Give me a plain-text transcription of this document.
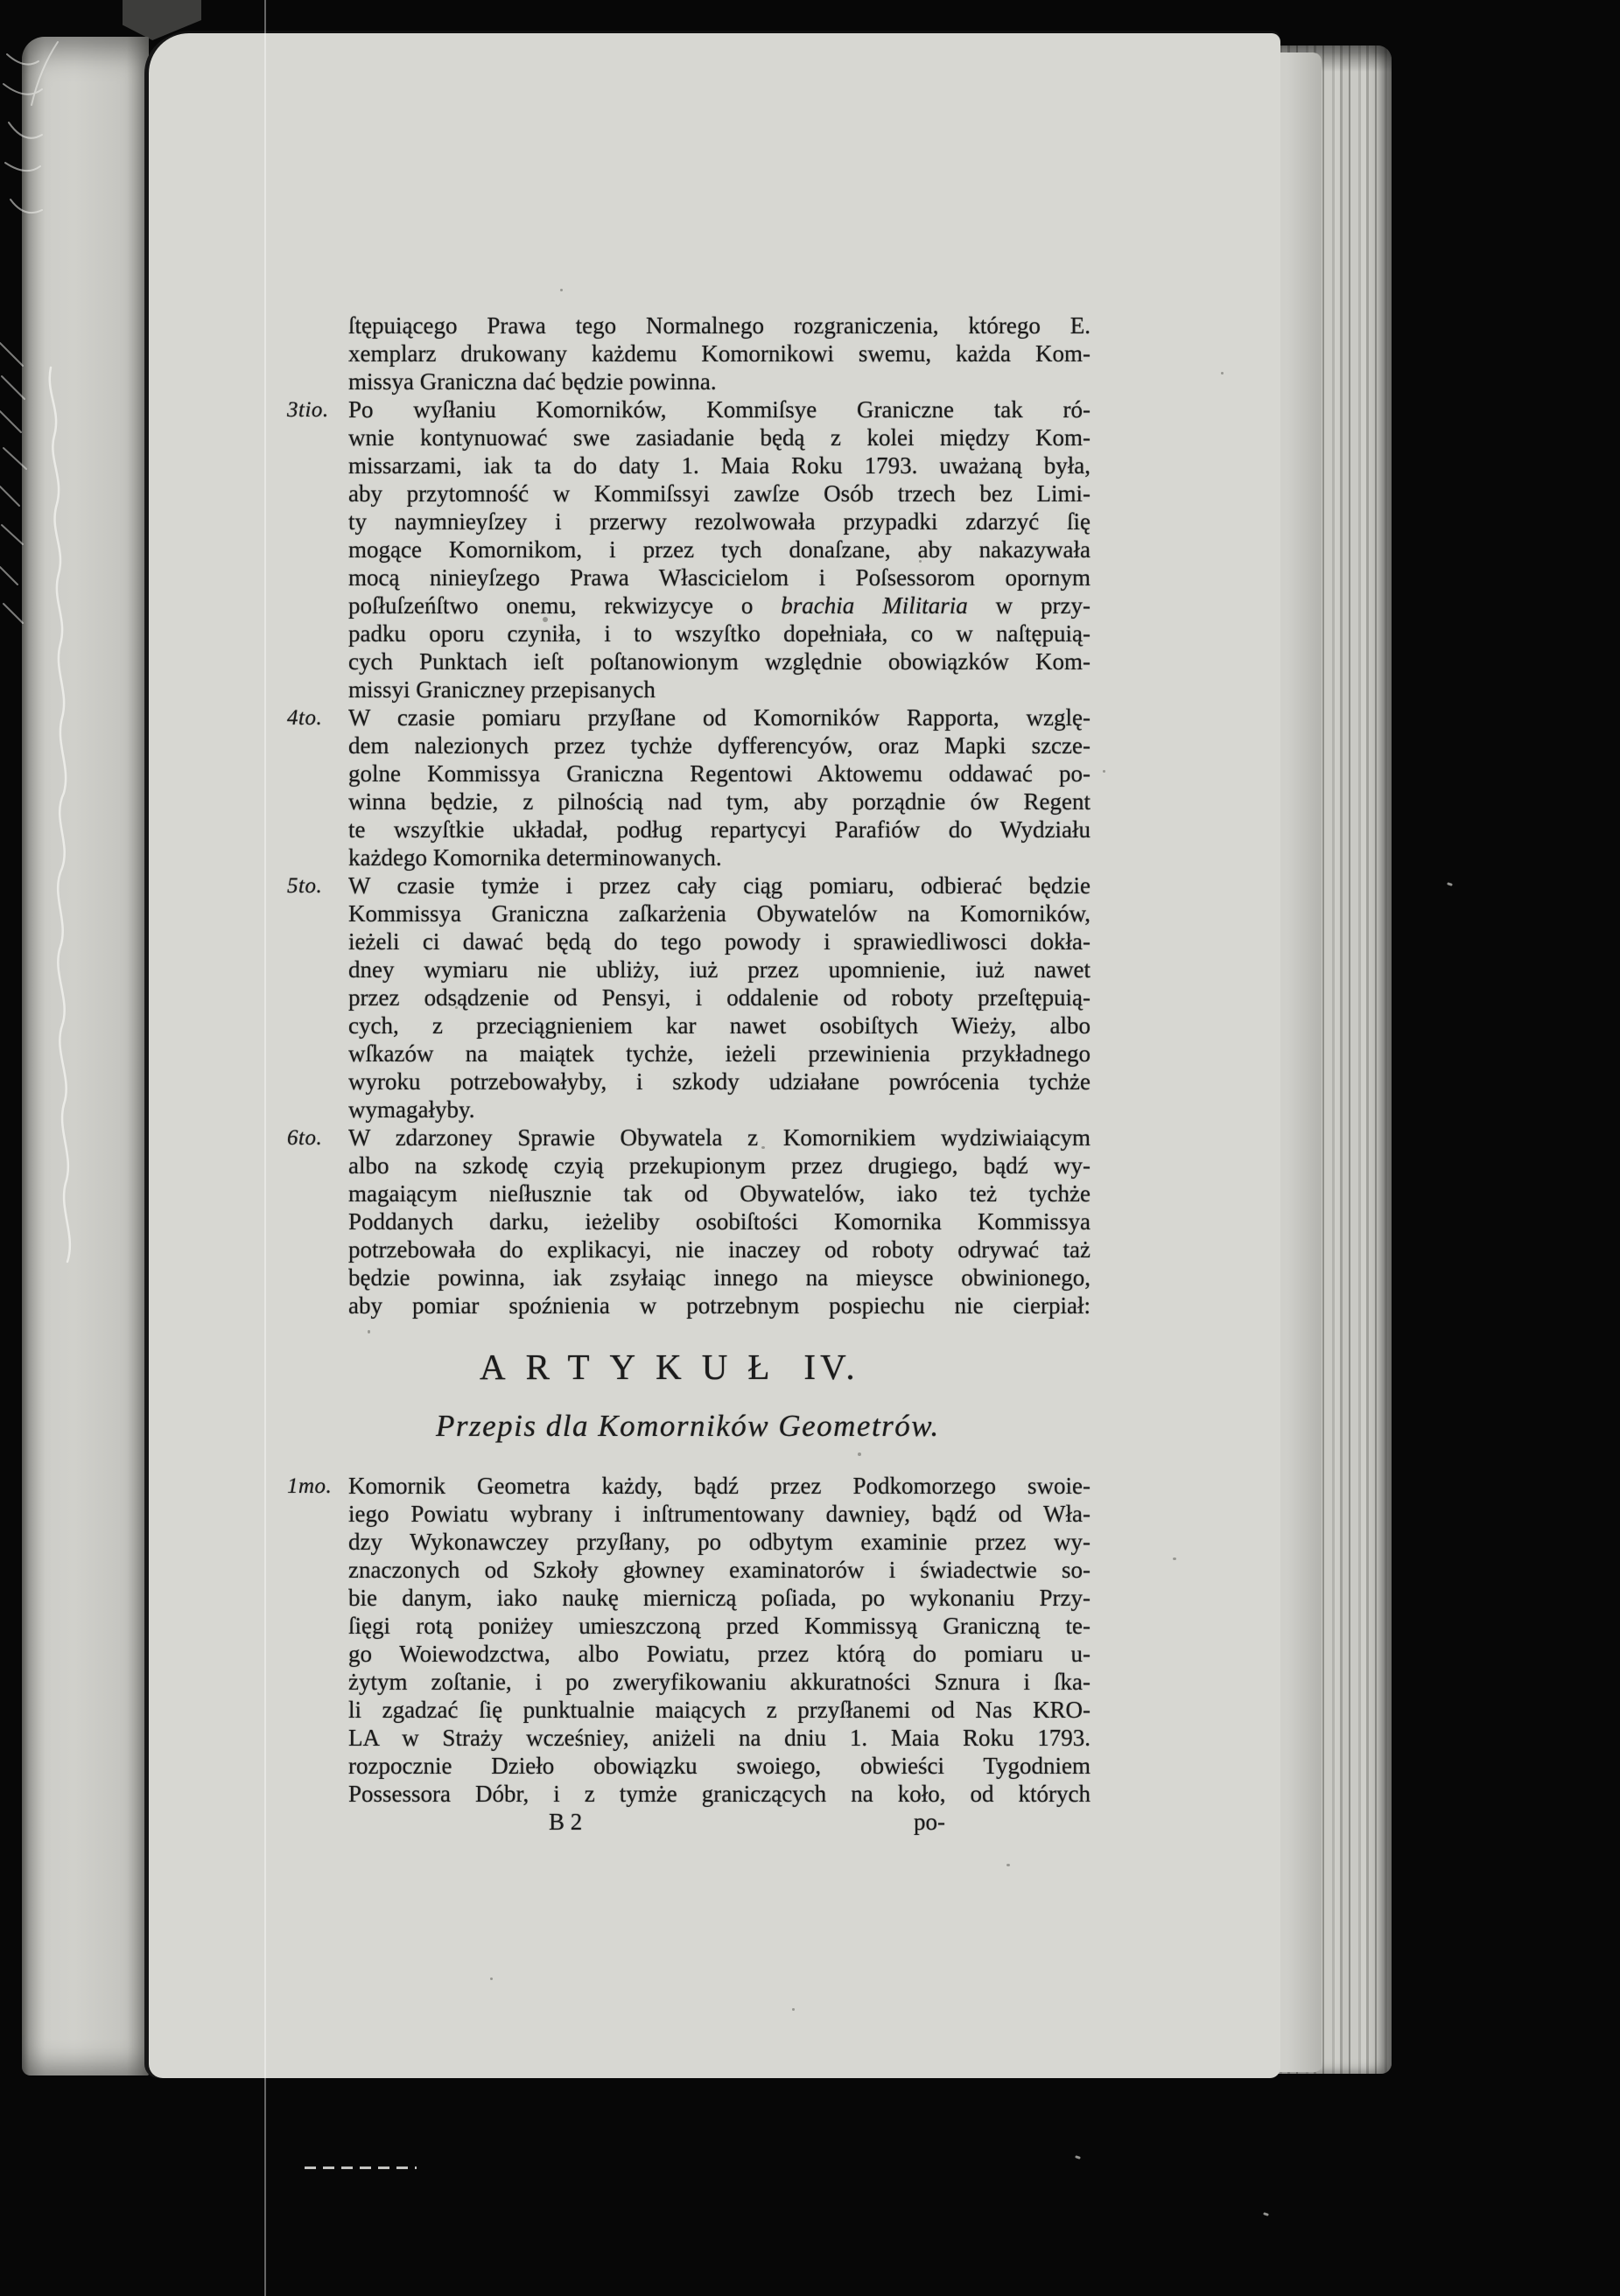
ſtępuiącego Prawa tego Normalnego rozgraniczenia, którego E.
xemplarz drukowany każdemu Komornikowi swemu, każda Kom-
missya Graniczna dać będzie powinna.
3tio. Po wyſłaniu Komorników, Kommiſsye Graniczne tak ró-
wnie kontynuować swe zasiadanie będą z kolei między Kom-
missarzami, iak ta do daty 1. Maia Roku 1793. uważaną była,
aby przytomność w Kommiſssyi zawſze Osób trzech bez Limi-
ty naymnieyſzey i przerwy rezolwowała przypadki zdarzyć ſię
mogące Komornikom, i przez tych donaſzane, aby nakazywała
mocą ninieyſzego Prawa Włascicielom i Poſsessorom opornym
poſłuſzeńſtwo onemu, rekwizycye o brachia Militaria w przy-
padku oporu czyniła, i to wszyſtko dopełniała, co w naſtępuią-
cych Punktach ieſt poſtanowionym względnie obowiązków Kom-
missyi Graniczney przepisanych
4to.	W czasie pomiaru przyſłane od Komorników Rapporta, wzglę-
dem nalezionych przez tychże dyfferencyów, oraz Mapki szcze-
golne Kommissya Graniczna Regentowi Aktowemu oddawać po-
winna będzie, z pilnością nad tym, aby porządnie ów Regent
te wszyſtkie układał, podług repartycyi Parafiów do Wydziału
każdego Komornika determinowanych.
5to.	W czasie tymże i przez cały ciąg pomiaru, odbierać będzie
Kommissya Graniczna zaſkarżenia Obywatelów na Komorników,
ieżeli ci dawać będą do tego powody i sprawiedliwosci dokła-
dney wymiaru nie ubliży, iuż przez upomnienie, iuż nawet
przez odsądzenie od Pensyi, i oddalenie od roboty przeſtępuią-
cych, z przeciągnieniem kar nawet osobiſtych Wieży, albo
wſkazów na maiątek tychże, ieżeli przewinienia przykładnego
wyroku potrzebowałyby, i szkody udziałane powrócenia tychże
wymagałyby.
6to.	W zdarzoney Sprawie Obywatela z Komornikiem wydziwiaiącym
albo na szkodę czyią przekupionym przez drugiego, bądź wy-
magaiącym nieſłusznie tak od Obywatelów, iako też tychże
Poddanych darku, ieżeliby osobiſtości Komornika Kommissya
potrzebowała do explikacyi, nie inaczey od roboty odrywać taż
będzie powinna, iak zsyłaiąc innego na mieysce obwinionego,
aby pomiar spoźnienia w potrzebnym pospiechu nie cierpiał:
ARTYKUŁ IV.
Przepis dla Komorników Geometrów.
1mo. Komornik Geometra każdy, bądź przez Podkomorzego swoie-
iego Powiatu wybrany i inſtrumentowany dawniey, bądź od Wła-
dzy Wykonawczey przyſłany, po odbytym examinie przez wy-
znaczonych od Szkoły głowney examinatorów i świadectwie so-
bie danym, iako naukę mierniczą poſiada, po wykonaniu Przy-
ſięgi rotą poniżey umieszczoną przed Kommissyą Graniczną te-
go Woiewodzctwa, albo Powiatu, przez którą do pomiaru u-
żytym zoſtanie, i po zweryfikowaniu akkuratności Sznura i ſka-
li zgadzać ſię punktualnie maiących z przyſłanemi od Nas KRO-
LA w Straży wcześniey, aniżeli na dniu 1. Maia Roku 1793.
rozpocznie Dzieło obowiązku swoiego, obwieści Tygodniem
Possessora Dóbr, i z tymże graniczących na koło, od których
B 2	po-
